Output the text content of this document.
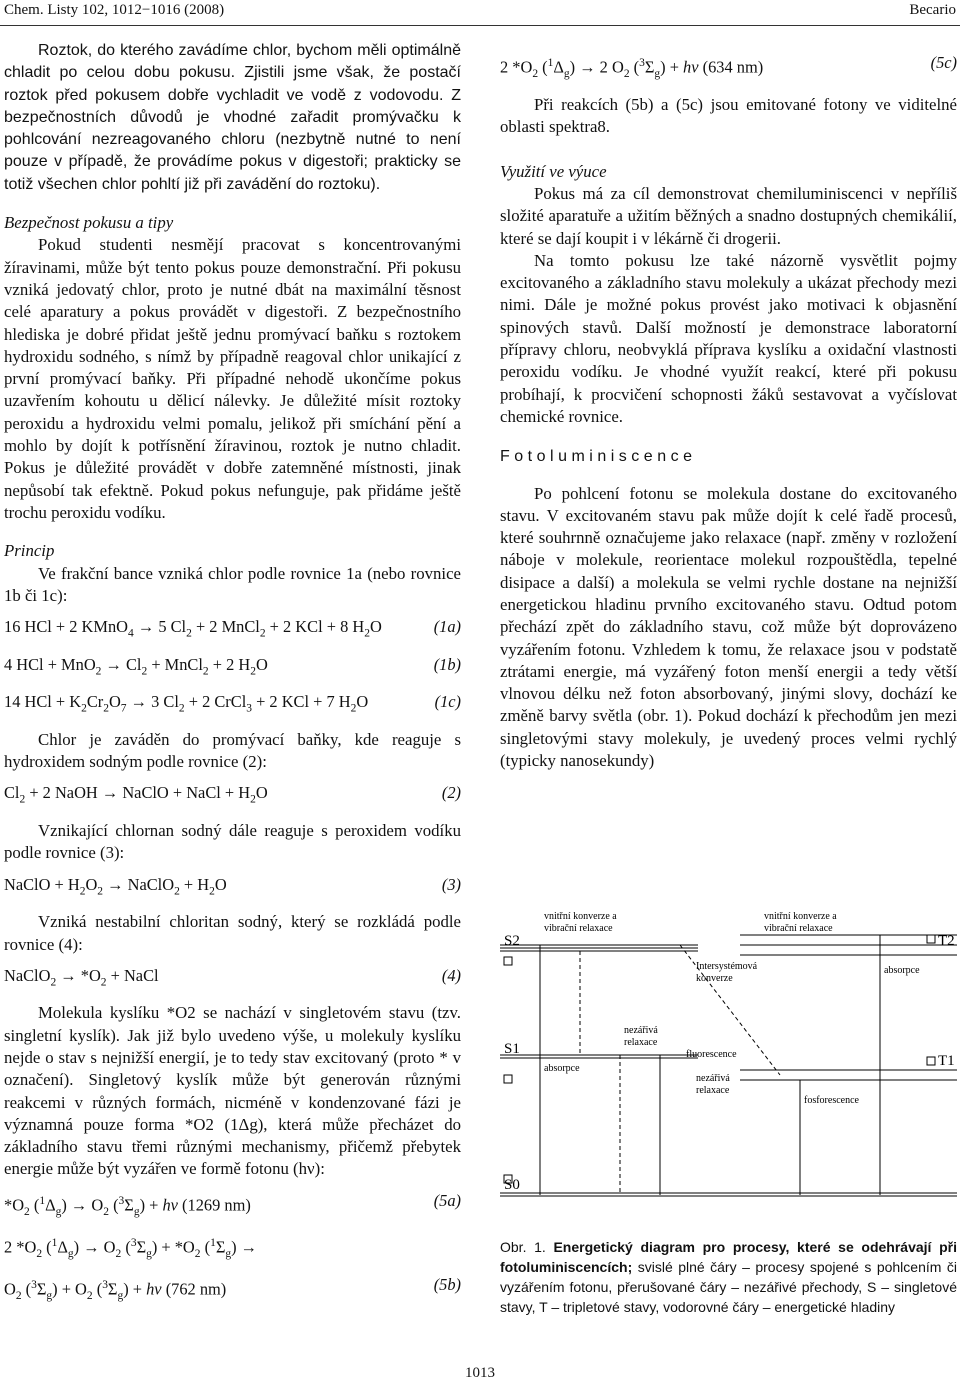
Chem. Listy 102, 1012−1016 (2008)	Becario

Roztok, do kterého zavádíme chlor, bychom měli optimálně chladit po celou dobu pokusu. Zjistili jsme však, že postačí roztok před pokusem dobře vychladit ve vodě z vodovodu. Z bezpečnostních důvodů je vhodné zařadit promývačku k pohlcování nezreagovaného chloru (nezbytně nutné to není pouze v případě, že provádíme pokus v digestoři; prakticky se totiž všechen chlor pohltí již při zavádění do roztoku).

Bezpečnost pokusu a tipy

Pokud studenti nesmějí pracovat s koncentrovanými žíravinami, může být tento pokus pouze demonstrační. Při pokusu vzniká jedovatý chlor, proto je nutné dbát na maximální těsnost celé aparatury a pokus provádět v digestoři. Z bezpečnostního hlediska je dobré přidat ještě jednu promývací baňku s roztokem hydroxidu sodného, s nímž by případně reagoval chlor unikající z první promývací baňky. Při případné nehodě ukončíme pokus uzavřením kohoutu u dělicí nálevky. Je důležité mísit roztoky peroxidu a hydroxidu velmi pomalu, jelikož při smíchání pění a mohlo by dojít k potřísnění žíravinou, roztok je nutno chladit. Pokus je důležité provádět v dobře zatemněné místnosti, jinak nepůsobí tak efektně. Pokud pokus nefunguje, pak přidáme ještě trochu peroxidu vodíku.

Princip

Ve frakční bance vzniká chlor podle rovnice 1a (nebo rovnice 1b či 1c):

16 HCl + 2 KMnO$_4$ → 5 $Cl_2 + 2$ MnCl$_2$ + 2 KCl + 8 $H_2O$	(1a)
4 HCl + $MnO_2 \to Cl_2$ + MnCl$_2$ + 2 $H_2O$	(1b)
14 HCl + $K_2Cr_2O_7 \to 3$ $Cl_2 + 2$ CrCl$_3$ + 2 KCl + 7 $H_2O$	(1c)

Chlor je zaváděn do promývací baňky, kde reaguje s hydroxidem sodným podle rovnice (2):

$Cl_2 + 2$ NaOH → NaClO + NaCl + $H_2O$	(2)

Vznikající chlornan sodný dále reaguje s peroxidem vodíku podle rovnice (3):

NaClO + $H_2O_2$ → NaClO$_2$ + $H_2O$	(3)

Vzniká nestabilní chloritan sodný, který se rozkládá podle rovnice (4):

NaClO$_2$ → $*O_2$ + NaCl	(4)

Molekula kyslíku *O2 se nachází v singletovém stavu (tzv. singletní kyslík). Jak již bylo uvedeno výše, u molekuly kyslíku nejde o stav s nejnižší energií, je to tedy stav excitovaný (proto * v označení). Singletový kyslík může být generován různými reakcemi v různých formách, nicméně v kondenzované fázi je významná pouze forma *O2 (1Δg), která může přecházet do základního stavu třemi různými mechanismy, přičemž přebytek energie může být vyzářen ve formě fotonu (hν):

$*O_2$ $(^1\Delta_g) \to O_2$ $(^3\Sigma_g) + h\nu$ (1269 nm)	(5a)
2 $*O_2$ $(^1\Delta_g) \to O_2$ $(^3\Sigma_g) + *O_2$ $(^1\Sigma_g)$ →
$O_2$ $(^3\Sigma_g) + O_2$ $(^3\Sigma_g) + h\nu$ (762 nm)	(5b)
2 $*O_2$ $(^1\Delta_g) \to 2$ $O_2$ $(^3\Sigma_g) + h\nu$ (634 nm)	(5c)

Při reakcích (5b) a (5c) jsou emitované fotony ve viditelné oblasti spektra8.

Využití ve výuce

Pokus má za cíl demonstrovat chemiluminiscenci v nepříliš složité aparatuře a užitím běžných a snadno dostupných chemikálií, které se dají koupit i v lékárně či drogerii.

Na tomto pokusu lze také názorně vysvětlit pojmy excitovaného a základního stavu molekuly a ukázat přechody mezi nimi. Dále je možné pokus provést jako motivaci k objasnění spinových stavů. Další možností je demonstrace laboratorní přípravy chloru, neobvyklá příprava kyslíku a oxidační vlastnosti peroxidu vodíku. Je vhodné využít reakcí, které při pokusu probíhají, k procvičení schopnosti žáků sestavovat a vyčíslovat chemické rovnice.

Fotoluminiscence

Po pohlcení fotonu se molekula dostane do excitovaného stavu. V excitovaném stavu pak může dojít k celé řadě procesů, které souhrnně označujeme jako relaxace (např. změny v rozložení náboje v molekule, reorientace molekul rozpouštědla, tepelné disipace a další) a molekula se velmi rychle dostane na nejnižší energetickou hladinu prvního excitovaného stavu. Odtud potom přechází zpět do základního stavu, což může být doprovázeno vyzářením fotonu. Vzhledem k tomu, že relaxace jsou v podstatě ztrátami energie, má vyzářený foton menší energii a tedy větší vlnovou délku než foton absorbovaný, jinými slovy, dochází ke změně barvy světla (obr. 1). Pokud dochází k přechodům jen mezi singletovými stavy molekuly, je uvedený proces velmi rychlý (typicky nanosekundy)

S2
S1
S0
T2
T1
vnitřní konverze a
vibrační relaxace
vnitřní konverze a
vibrační relaxace
Intersystémová
konverze
nezářivá
relaxace
fluorescence
absorpce
absorpce
nezářivá
relaxace
fosforescence
Obr. 1. Energetický diagram pro procesy, které se odehrávají při fotoluminiscencích; svislé plné čáry – procesy spojené s pohlcením či vyzářením fotonu, přerušované čáry – nezářivé přechody, S – singletové stavy, T – tripletové stavy, vodorovné čáry – energetické hladiny
1013
